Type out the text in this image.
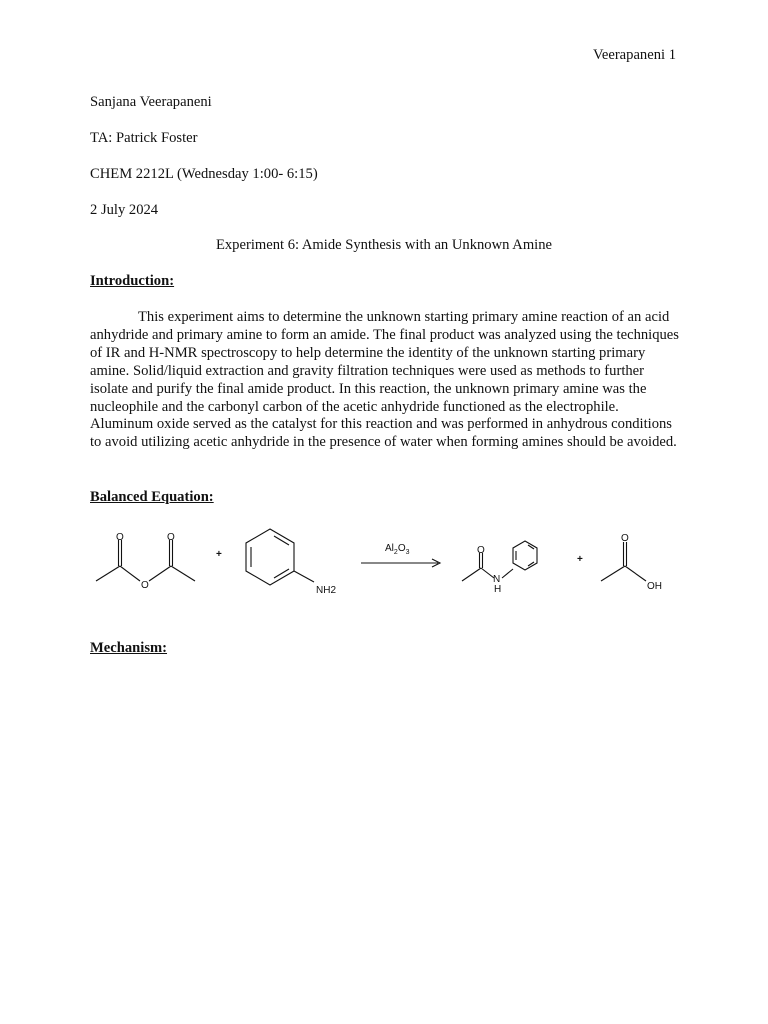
Veerapaneni 1
Sanjana Veerapaneni
TA: Patrick Foster
CHEM 2212L (Wednesday 1:00- 6:15)
2 July 2024
Experiment 6: Amide Synthesis with an Unknown Amine
Introduction:

This experiment aims to determine the unknown starting primary amine reaction of an acid anhydride and primary amine to form an amide. The final product was analyzed using the techniques of IR and H-NMR spectroscopy to help determine the identity of the unknown starting primary amine. Solid/liquid extraction and gravity filtration techniques were used as methods to further isolate and purify the final amide product. In this reaction, the unknown primary amine was the nucleophile and the carbonyl carbon of the acetic anhydride functioned as the electrophile. Aluminum oxide served as the catalyst for this reaction and was performed in anhydrous conditions to avoid utilizing acetic anhydride in the presence of water when forming amines should be avoided.

Balanced Equation:
O	O
O
+
NH2
$Al_2O_3$	O
N
H
+
O
OH
Mechanism:
